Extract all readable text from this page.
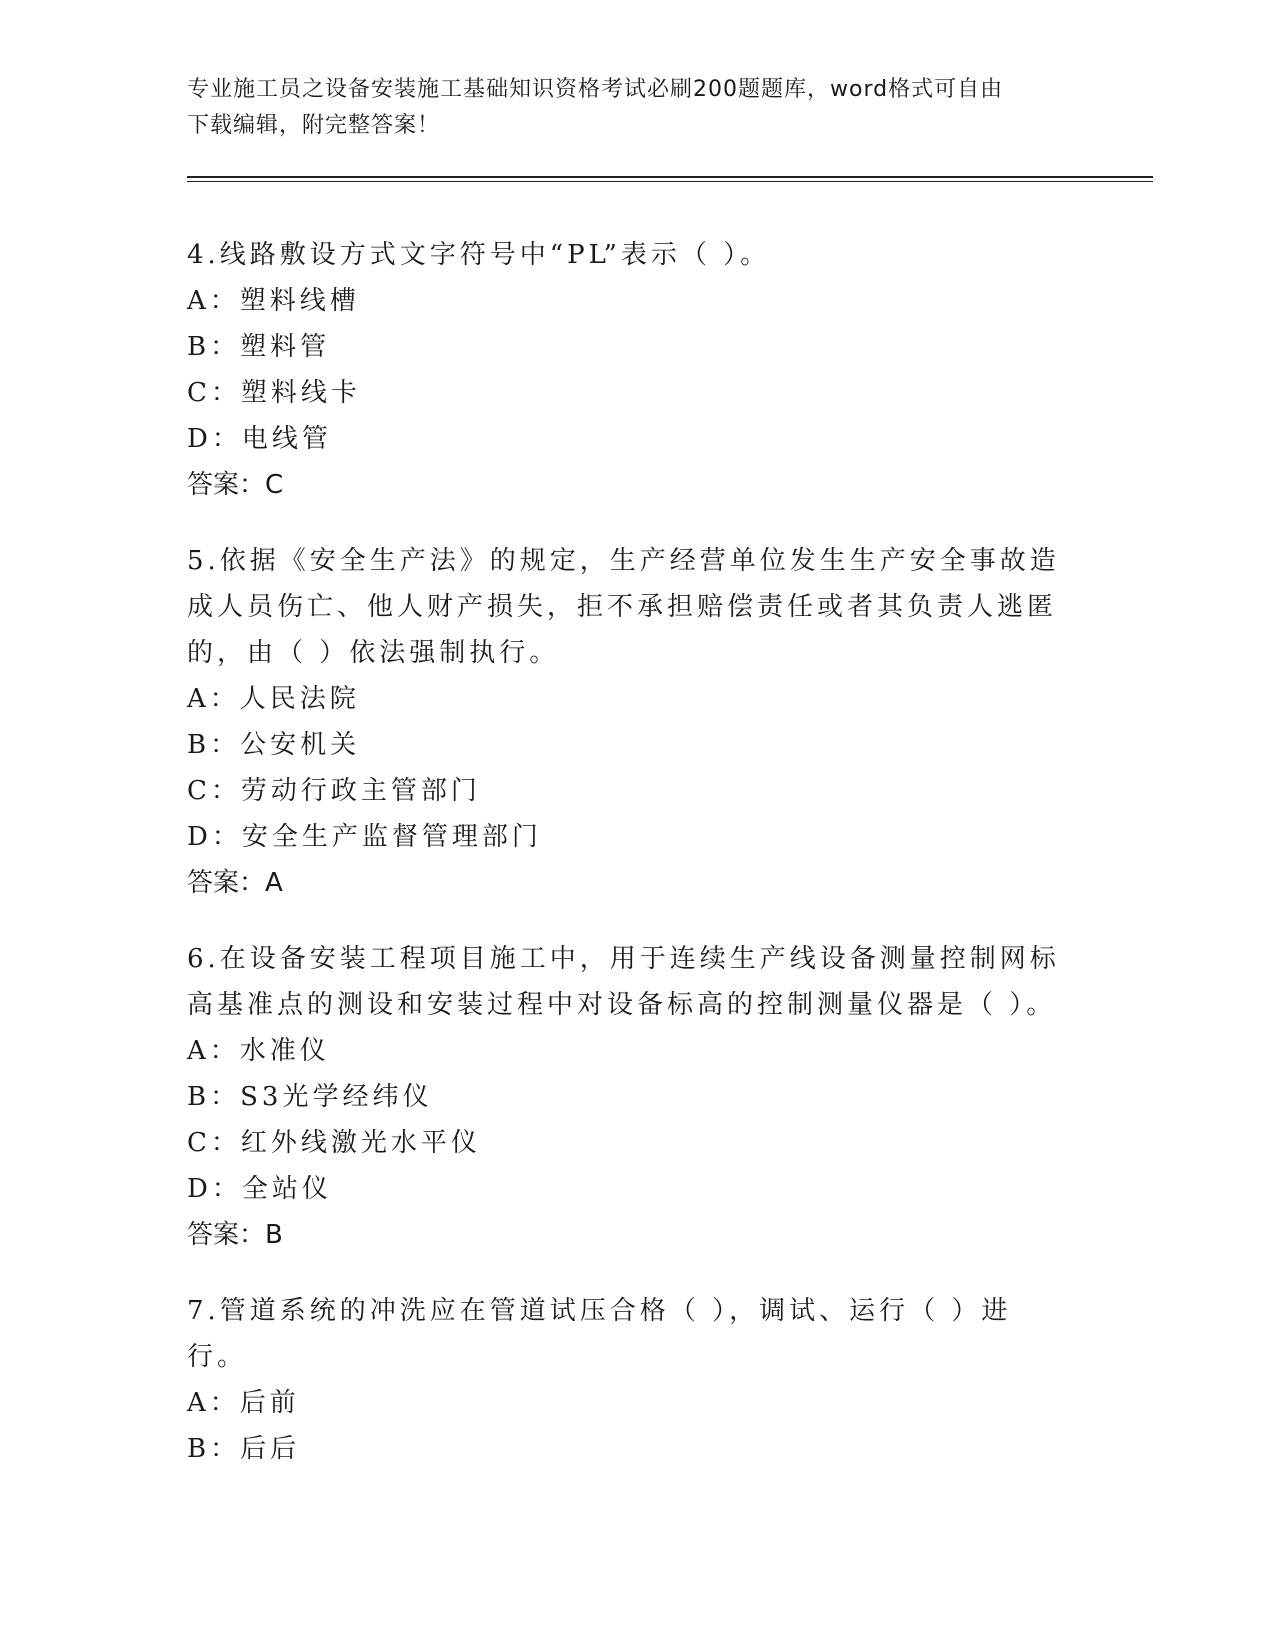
专业施工员之设备安装施工基础知识资格考试必刷200题题库，word格式可自由
下载编辑，附完整答案！

4.线路敷设方式文字符号中“PL”表示（ ）。

A：塑料线槽

B：塑料管

C：塑料线卡

D：电线管

答案：C

5.依据《安全生产法》的规定，生产经营单位发生生产安全事故造成人员伤亡、他人财产损失，拒不承担赔偿责任或者其负责人逃匿的，由（ ）依法强制执行。

A：人民法院

B：公安机关

C：劳动行政主管部门

D：安全生产监督管理部门

答案：A

6.在设备安装工程项目施工中，用于连续生产线设备测量控制网标高基准点的测设和安装过程中对设备标高的控制测量仪器是（ ）。

A：水准仪

B：S3光学经纬仪

C：红外线激光水平仪

D：全站仪

答案：B

7.管道系统的冲洗应在管道试压合格（ ），调试、运行（ ）进行。

A：后前

B：后后
